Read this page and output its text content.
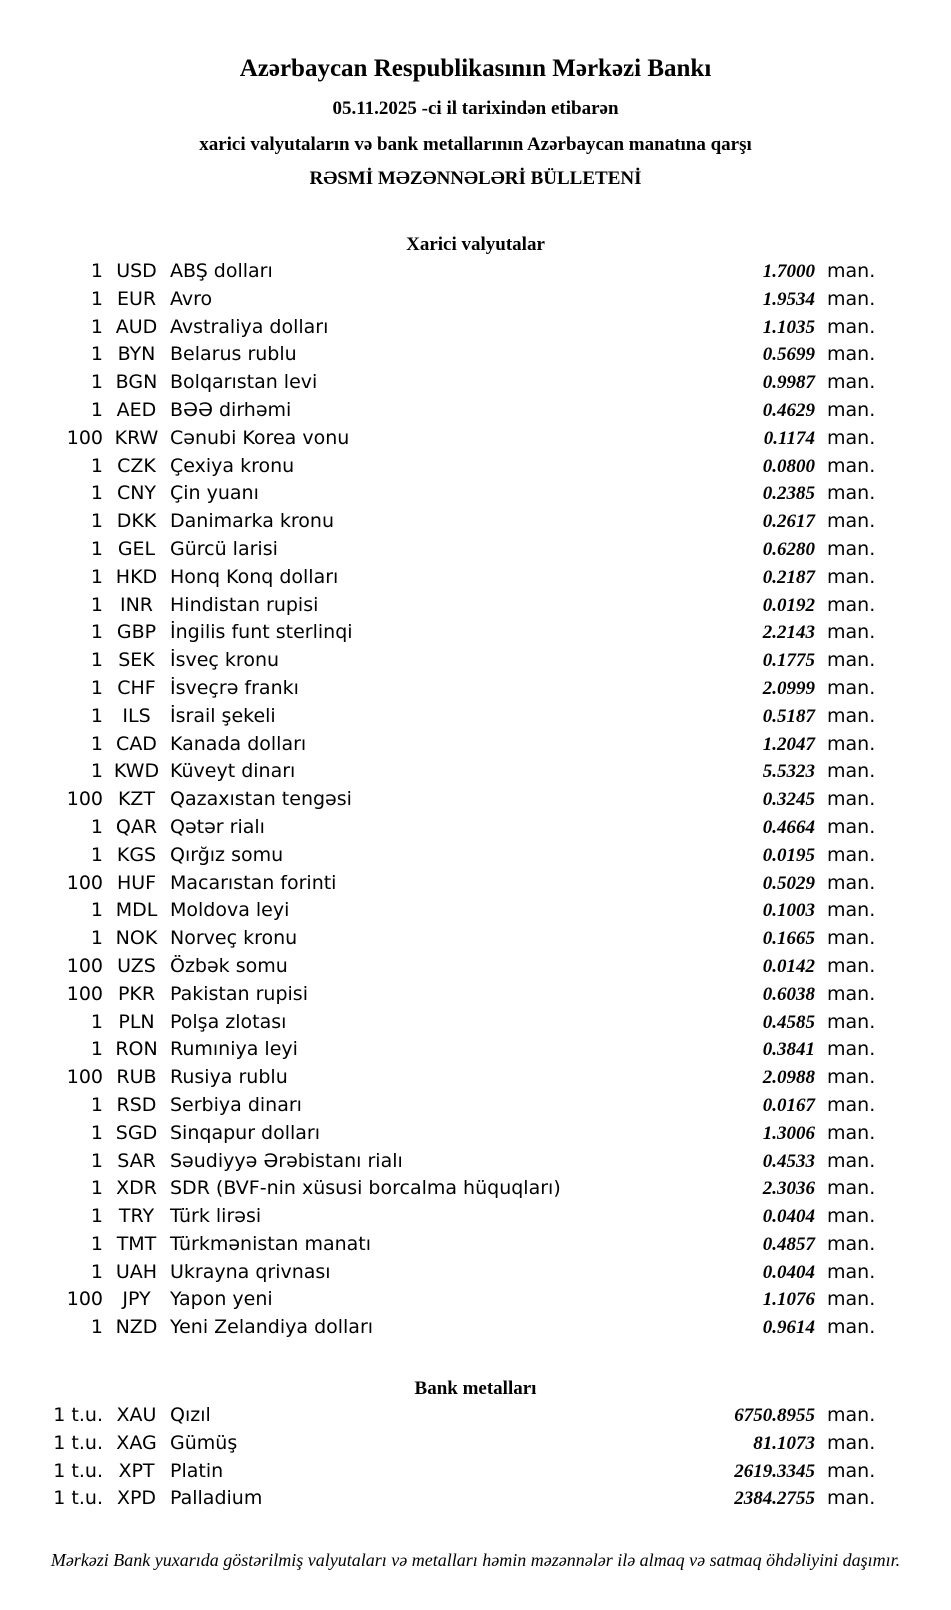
Azərbaycan Respublikasının Mərkəzi Bankı
05.11.2025 -ci il tarixindən etibarən
xarici valyutaların və bank metallarının Azərbaycan manatına qarşı
RƏSMİ MƏZƏNNƏLƏRİ BÜLLETENİ
Xarici valyutalar
1 USD ABŞ dolları	1.7000 man.
1 EUR Avro	1.9534 man.
1 AUD Avstraliya dolları	1.1035 man.
1 BYN Belarus rublu	0.5699 man.
1 BGN Bolqarıstan levi	0.9987 man.
1 AED BƏƏ dirhəmi	0.4629 man.
100 KRW Cənubi Korea vonu	0.1174 man.
1 CZK Çexiya kronu	0.0800 man.
1 CNY Çin yuanı	0.2385 man.
1 DKK Danimarka kronu	0.2617 man.
1 GEL Gürcü larisi	0.6280 man.
1 HKD Honq Konq dolları	0.2187 man.
1 INR Hindistan rupisi	0.0192 man.
1 GBP İngilis funt sterlinqi	2.2143 man.
1 SEK İsveç kronu	0.1775 man.
1 CHF İsveçrə frankı	2.0999 man.
1	ILS	İsrail şekeli	0.5187 man.
1 CAD Kanada dolları	1.2047 man.
1 KWD Küveyt dinarı	5.5323 man.
100 KZT Qazaxıstan tengəsi	0.3245 man.
1 QAR Qətər rialı	0.4664 man.
1 KGS Qırğız somu	0.0195 man.
100 HUF Macarıstan forinti	0.5029 man.
1 MDL Moldova leyi	0.1003 man.
1 NOK Norveç kronu	0.1665 man.
100 UZS Özbək somu	0.0142 man.
100 PKR Pakistan rupisi	0.6038 man.
1 PLN Polşa zlotası	0.4585 man.
1 RON Rumıniya leyi	0.3841 man.
100 RUB Rusiya rublu	2.0988 man.
1 RSD Serbiya dinarı	0.0167 man.
1 SGD Sinqapur dolları	1.3006 man.
1 SAR Səudiyyə Ərəbistanı rialı	0.4533 man.
1 XDR SDR (BVF-nin xüsusi borcalma hüquqları)	2.3036 man.
1 TRY Türk lirəsi	0.0404 man.
1 TMT Türkmənistan manatı	0.4857 man.
1 UAH Ukrayna qrivnası	0.0404 man.
100	JPY	Yapon yeni	1.1076 man.
1 NZD Yeni Zelandiya dolları	0.9614 man.
Bank metalları
1 t.u. XAU Qızıl	6750.8955 man.
1 t.u. XAG Gümüş	81.1073 man.
1 t.u. XPT Platin	2619.3345 man.
1 t.u. XPD Palladium	2384.2755 man.
Mərkəzi Bank yuxarıda göstərilmiş valyutaları və metalları həmin məzənnələr ilə almaq və satmaq öhdəliyini daşımır.
